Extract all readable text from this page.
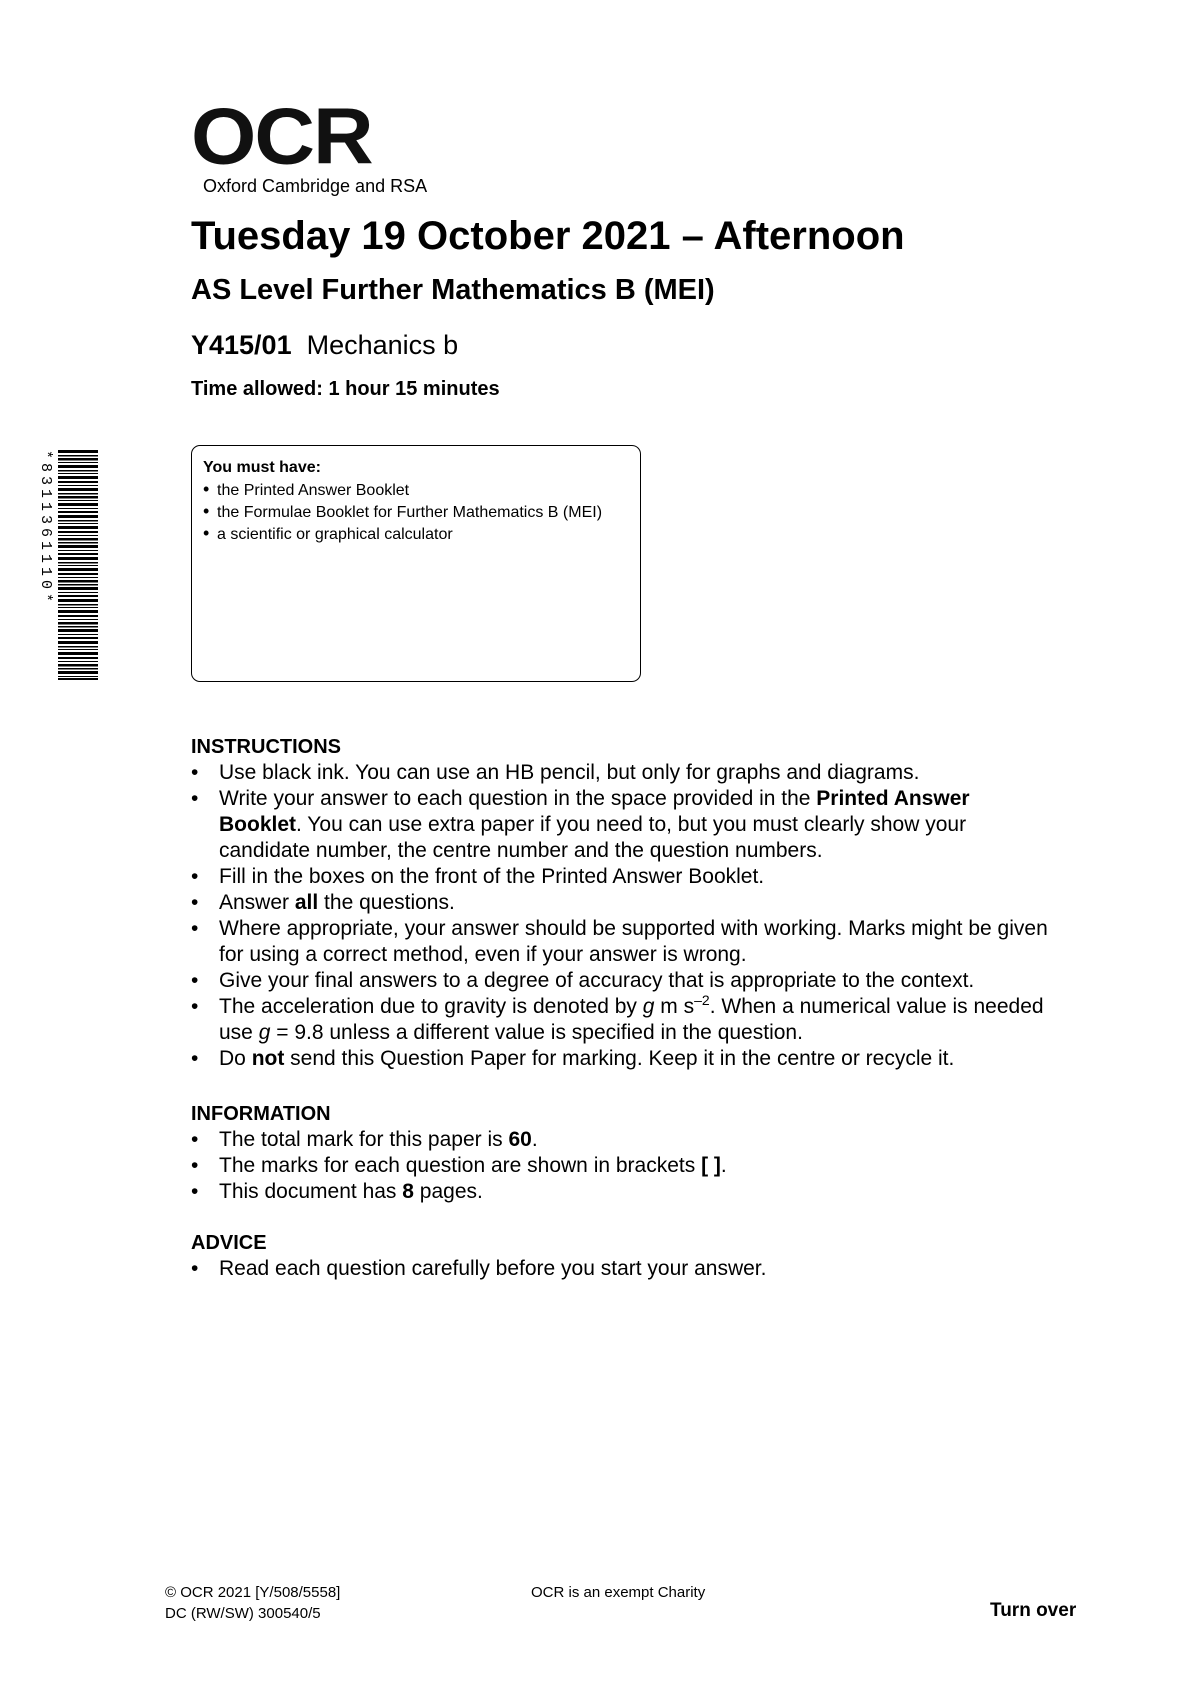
OCR
Oxford Cambridge and RSA
Tuesday 19 October 2021 – Afternoon
AS Level Further Mathematics B (MEI)
Y415/01 Mechanics b
Time allowed: 1 hour 15 minutes
*8311361110*	You must have:
• the Printed Answer Booklet
• the Formulae Booklet for Further Mathematics B (MEI)
• a scientific or graphical calculator
INSTRUCTIONS
• Use black ink. You can use an HB pencil, but only for graphs and diagrams.
• Write your answer to each question in the space provided in the Printed Answer Booklet. You can use extra paper if you need to, but you must clearly show your candidate number, the centre number and the question numbers.
• Fill in the boxes on the front of the Printed Answer Booklet.
• Answer all the questions.
• Where appropriate, your answer should be supported with working. Marks might be given for using a correct method, even if your answer is wrong.
• Give your final answers to a degree of accuracy that is appropriate to the context.
• The acceleration due to gravity is denoted by g m $s^{-2}$. When a numerical value is needed use g = 9.8 unless a different value is specified in the question.
• Do not send this Question Paper for marking. Keep it in the centre or recycle it.
INFORMATION
• The total mark for this paper is 60.
• The marks for each question are shown in brackets [ ].
• This document has 8 pages.
ADVICE
• Read each question carefully before you start your answer.
© OCR 2021 [Y/508/5558]
DC (RW/SW) 300540/5
OCR is an exempt Charity
Turn over
